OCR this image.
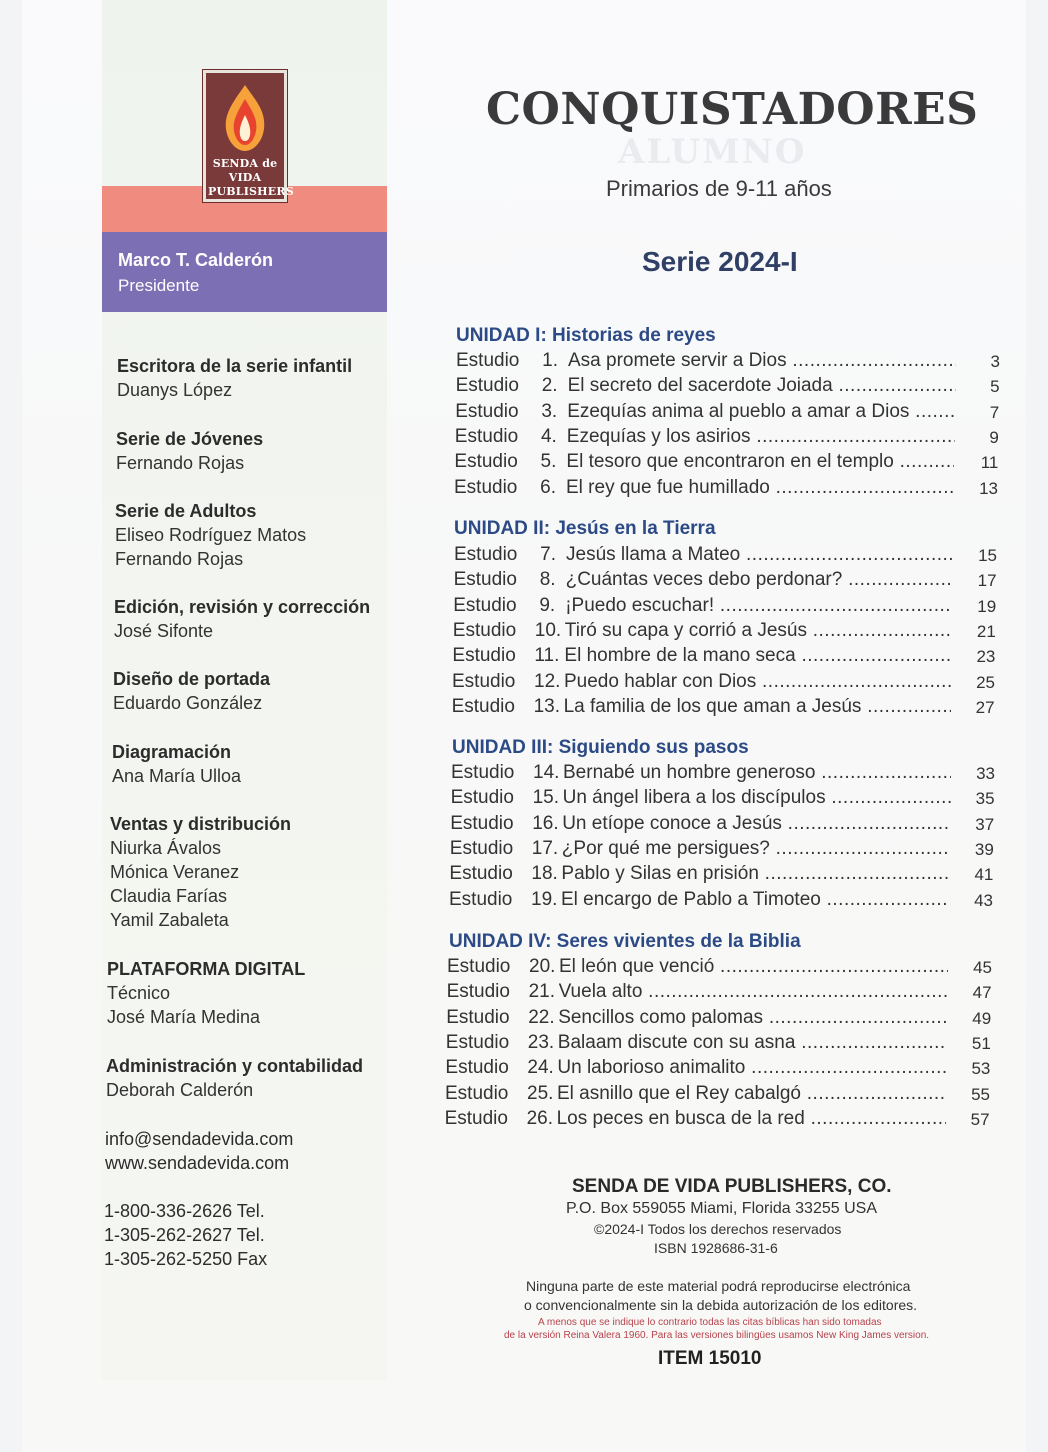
SENDA de VIDA
PUBLISHERS
Marco T. Calderón
Presidente
Escritora de la serie infantil
Duanys López
Serie de Jóvenes
Fernando Rojas
Serie de Adultos
Eliseo Rodríguez Matos
Fernando Rojas
Edición, revisión y corrección
José Sifonte
Diseño de portada
Eduardo González
Diagramación
Ana María Ulloa
Ventas y distribución
Niurka Ávalos
Mónica Veranez
Claudia Farías
Yamil Zabaleta
PLATAFORMA DIGITAL
Técnico
José María Medina
Administración y contabilidad
Deborah Calderón
info@sendadevida.com
www.sendadevida.com
1-800-336-2626 Tel.
1-305-262-2627 Tel.
1-305-262-5250 Fax
ALUMNO
CONQUISTADORES
Primarios de 9-11 años
Serie 2024-I
UNIDAD I: Historias de reyes
Estudio 1. Asa promete servir a Dios .....	3
Estudio 2. El secreto del sacerdote Joiada .....	5
Estudio 3. Ezequías anima al pueblo a amar a Dios .....	7
Estudio 4. Ezequías y los asirios .....	9
Estudio 5. El tesoro que encontraron en el templo .....	11
Estudio 6. El rey que fue humillado .....	13
UNIDAD II: Jesús en la Tierra
Estudio 7. Jesús llama a Mateo .....	15
Estudio 8. ¿Cuántas veces debo perdonar? .....	17
Estudio 9. ¡Puedo escuchar! .....	19
Estudio 10. Tiró su capa y corrió a Jesús .....	21
Estudio 11. El hombre de la mano seca .....	23
Estudio 12. Puedo hablar con Dios .....	25
Estudio 13. La familia de los que aman a Jesús .....	27
UNIDAD III: Siguiendo sus pasos
Estudio 14. Bernabé un hombre generoso .....	33
Estudio 15. Un ángel libera a los discípulos .....	35
Estudio 16. Un etíope conoce a Jesús .....	37
Estudio 17. ¿Por qué me persigues? .....	39
Estudio 18. Pablo y Silas en prisión .....	41
Estudio 19. El encargo de Pablo a Timoteo .....	43
UNIDAD IV: Seres vivientes de la Biblia
Estudio 20. El león que venció .....	45
Estudio 21. Vuela alto .....	47
Estudio 22. Sencillos como palomas .....	49
Estudio 23. Balaam discute con su asna .....	51
Estudio 24. Un laborioso animalito .....	53
Estudio 25. El asnillo que el Rey cabalgó .....	55
Estudio 26. Los peces en busca de la red .....	57
SENDA DE VIDA PUBLISHERS, CO.
P.O. Box 559055 Miami, Florida 33255 USA
©2024-I Todos los derechos reservados
ISBN 1928686-31-6
Ninguna parte de este material podrá reproducirse electrónica
o convencionalmente sin la debida autorización de los editores.
A menos que se indique lo contrario todas las citas bíblicas han sido tomadas
de la versión Reina Valera 1960. Para las versiones bilingües usamos New King James version.
ITEM 15010
